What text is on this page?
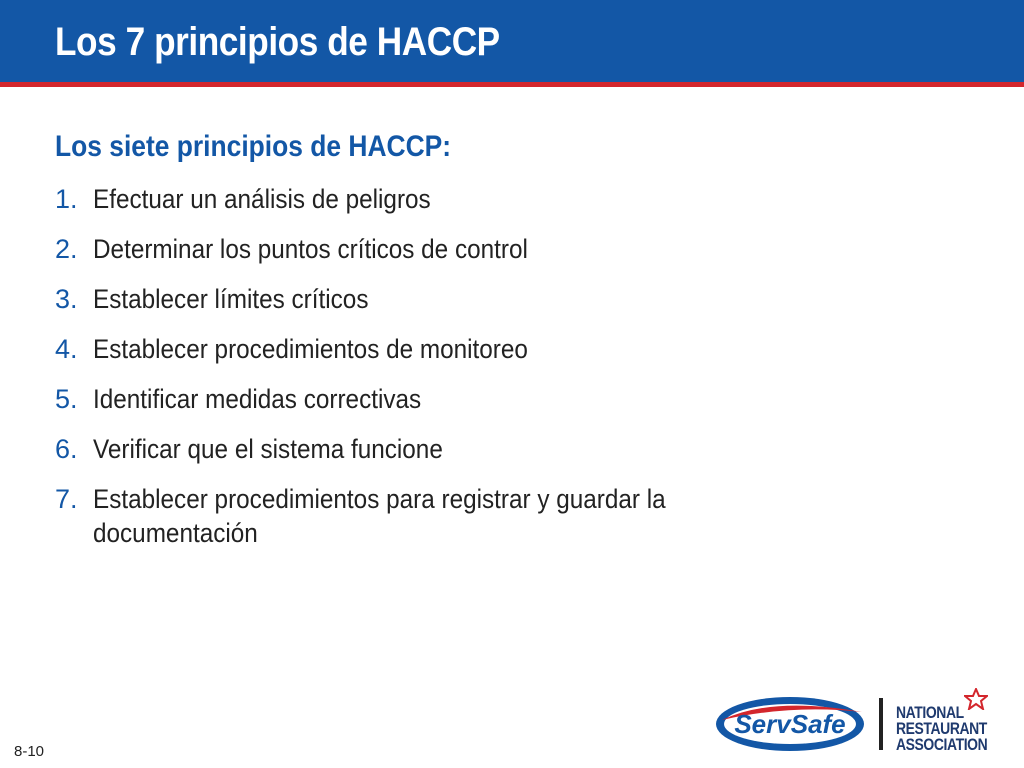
Los 7 principios de HACCP
Los siete principios de HACCP:
1. Efectuar un análisis de peligros
2. Determinar los puntos críticos de control
3. Establecer límites críticos
4. Establecer procedimientos de monitoreo
5. Identificar medidas correctivas
6. Verificar que el sistema funcione
7. Establecer procedimientos para registrar y guardar la documentación
8-10
ServSafe	NATIONAL
RESTAURANT
ASSOCIATION
